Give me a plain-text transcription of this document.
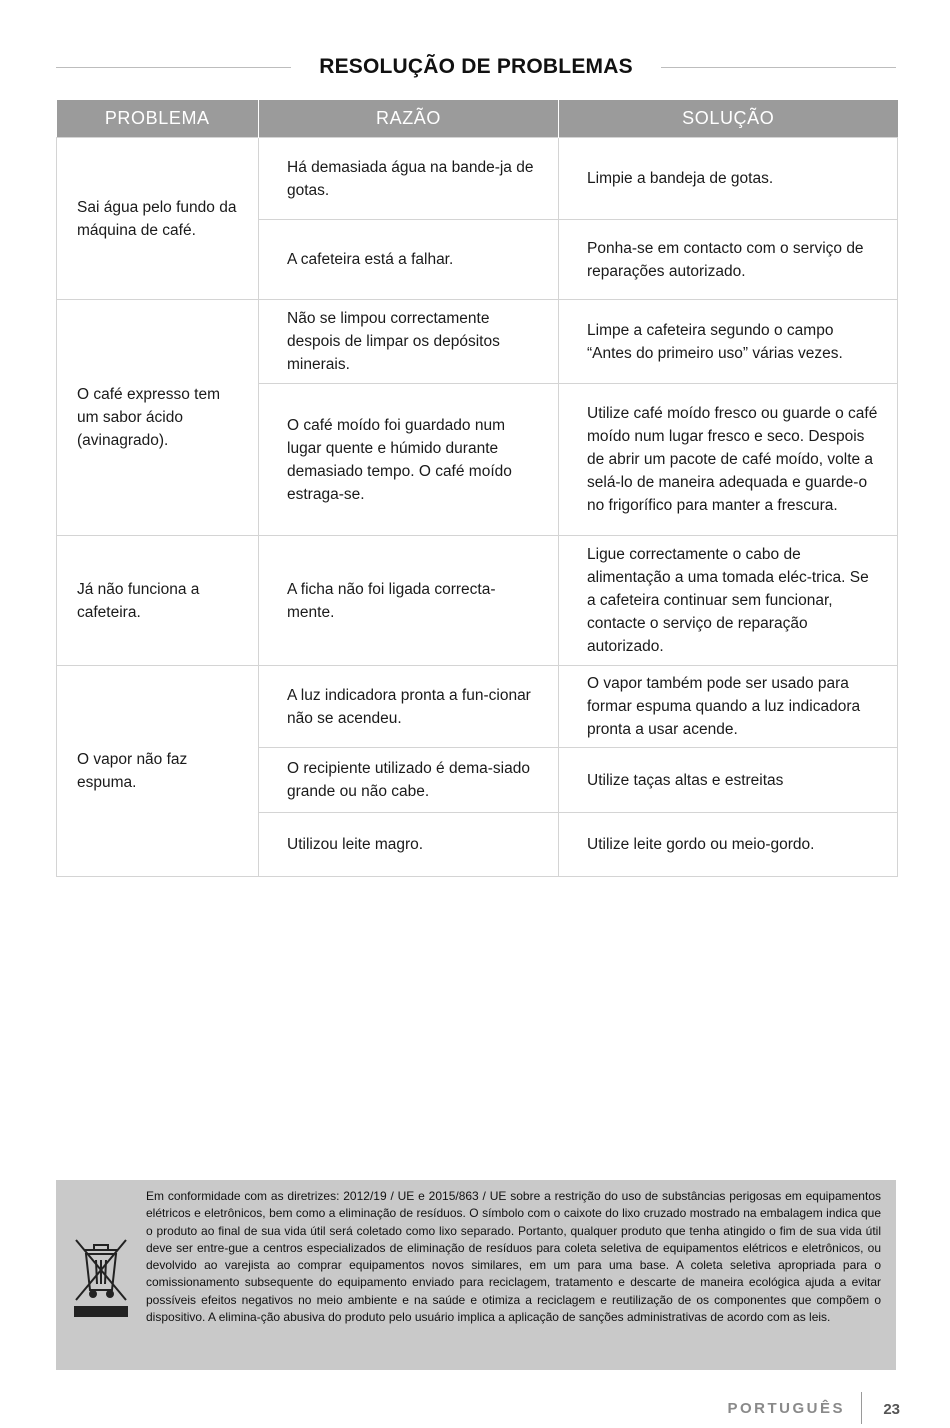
RESOLUÇÃO DE PROBLEMAS
PROBLEMA	RAZÃO	SOLUÇÃO
Sai água pelo fundo da máquina de café.	Há demasiada água na bande-ja de gotas.	Limpie a bandeja de gotas.
	A cafeteira está a falhar.	Ponha-se em contacto com o serviço de reparações autorizado.
O café expresso tem um sabor ácido (avinagrado).	Não se limpou correctamente despois de limpar os depósitos minerais.	Limpe a cafeteira segundo o campo “Antes do primeiro uso” várias vezes.
	O café moído foi guardado num lugar quente e húmido durante demasiado tempo. O café moído estraga-se.	Utilize café moído fresco ou guarde o café moído num lugar fresco e seco. Despois de abrir um pacote de café moído, volte a selá-lo de maneira adequada e guarde-o no frigorífico para manter a frescura.
Já não funciona a cafeteira.	A ficha não foi ligada correcta-mente.	Ligue correctamente o cabo de alimentação a uma tomada eléc-trica. Se a cafeteira continuar sem funcionar, contacte o serviço de reparação autorizado.
O vapor não faz espuma.	A luz indicadora pronta a fun-cionar não se acendeu.	O vapor também pode ser usado para formar espuma quando a luz indicadora pronta a usar acende.
	O recipiente utilizado é dema-siado grande ou não cabe.	Utilize taças altas e estreitas
	Utilizou leite magro.	Utilize leite gordo ou meio-gordo.

Em conformidade com as diretrizes: 2012/19 / UE e 2015/863 / UE sobre a restrição do uso de substâncias perigosas em equipamentos elétricos e eletrônicos, bem como a eliminação de resíduos. O símbolo com o caixote do lixo cruzado mostrado na embalagem indica que o produto ao final de sua vida útil será coletado como lixo separado. Portanto, qualquer produto que tenha atingido o fim de sua vida útil deve ser entre-gue a centros especializados de eliminação de resíduos para coleta seletiva de equipamentos elétricos e eletrônicos, ou devolvido ao varejista ao comprar equipamentos novos similares, em um para uma base. A coleta seletiva apropriada para o comissionamento subsequente do equipamento enviado para reciclagem, tratamento e descarte de maneira ecológica ajuda a evitar possíveis efeitos negativos no meio ambiente e na saúde e otimiza a reciclagem e reutilização de os componentes que compõem o dispositivo. A elimina-ção abusiva do produto pelo usuário implica a aplicação de sanções administrativas de acordo com as leis.

PORTUGUÊS	23
